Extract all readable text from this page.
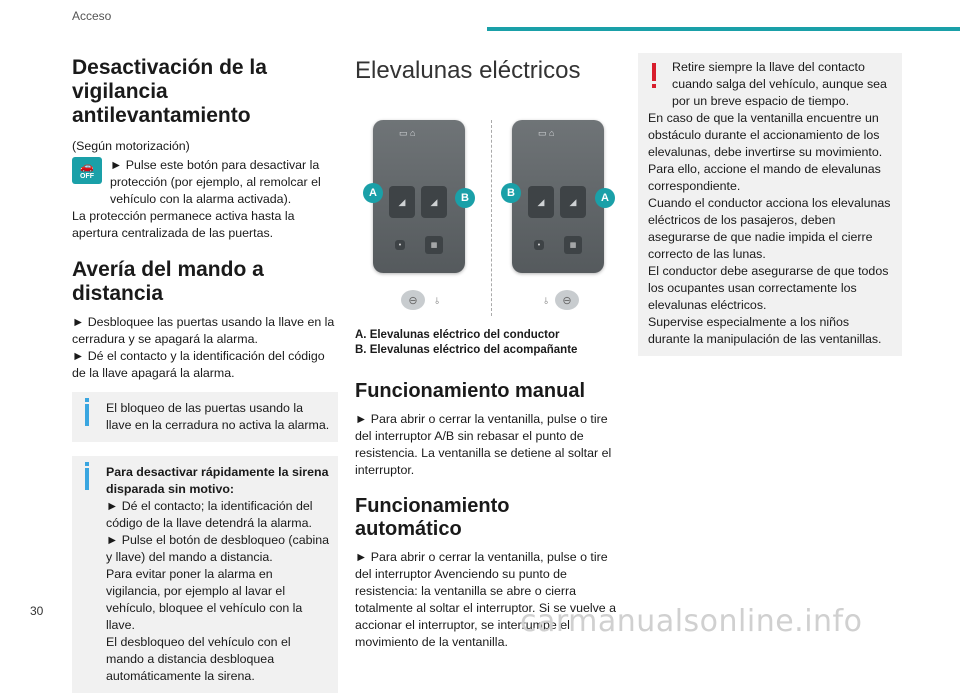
Acceso
Desactivación de la vigilancia antilevantamiento

(Según motorización)

🚗
OFF

► Pulse este botón para desactivar la protección (por ejemplo, al remolcar el vehículo con la alarma activada).

La protección permanece activa hasta la apertura centralizada de las puertas.

Avería del mando a distancia

► Desbloquee las puertas usando la llave en la cerradura y se apagará la alarma.

► Dé el contacto y la identificación del código de la llave apagará la alarma.

El bloqueo de las puertas usando la llave en la cerradura no activa la alarma.

Para desactivar rápidamente la sirena disparada sin motivo:

► Dé el contacto; la identificación del código de la llave detendrá la alarma.

► Pulse el botón de desbloqueo (cabina y llave) del mando a distancia.

Para evitar poner la alarma en vigilancia, por ejemplo al lavar el vehículo, bloquee el vehículo con la llave.

El desbloqueo del vehículo con el mando a distancia desbloquea automáticamente la sirena.

Elevalunas eléctricos
▭ ⌂
◢	◢
•	▦
A	B
▭ ⌂
◢	◢
•	▦
B	A
⊖	⫰	⊖
⫰

A. Elevalunas eléctrico del conductor

B. Elevalunas eléctrico del acompañante

Funcionamiento manual

► Para abrir o cerrar la ventanilla, pulse o tire del interruptor A/B sin rebasar el punto de resistencia. La ventanilla se detiene al soltar el interruptor.

Funcionamiento automático

► Para abrir o cerrar la ventanilla, pulse o tire del interruptor Avenciendo su punto de resistencia: la ventanilla se abre o cierra totalmente al soltar el interruptor. Si se vuelve a accionar el interruptor, se interrumpe el movimiento de la ventanilla.

Retire siempre la llave del contacto cuando salga del vehículo, aunque sea por un breve espacio de tiempo.

En caso de que la ventanilla encuentre un obstáculo durante el accionamiento de los elevalunas, debe invertirse su movimiento. Para ello, accione el mando de elevalunas correspondiente.

Cuando el conductor acciona los elevalunas eléctricos de los pasajeros, deben asegurarse de que nadie impida el cierre correcto de las lunas.

El conductor debe asegurarse de que todos los ocupantes usan correctamente los elevalunas eléctricos.

Supervise especialmente a los niños durante la manipulación de las ventanillas.

30	carmanualsonline.info
